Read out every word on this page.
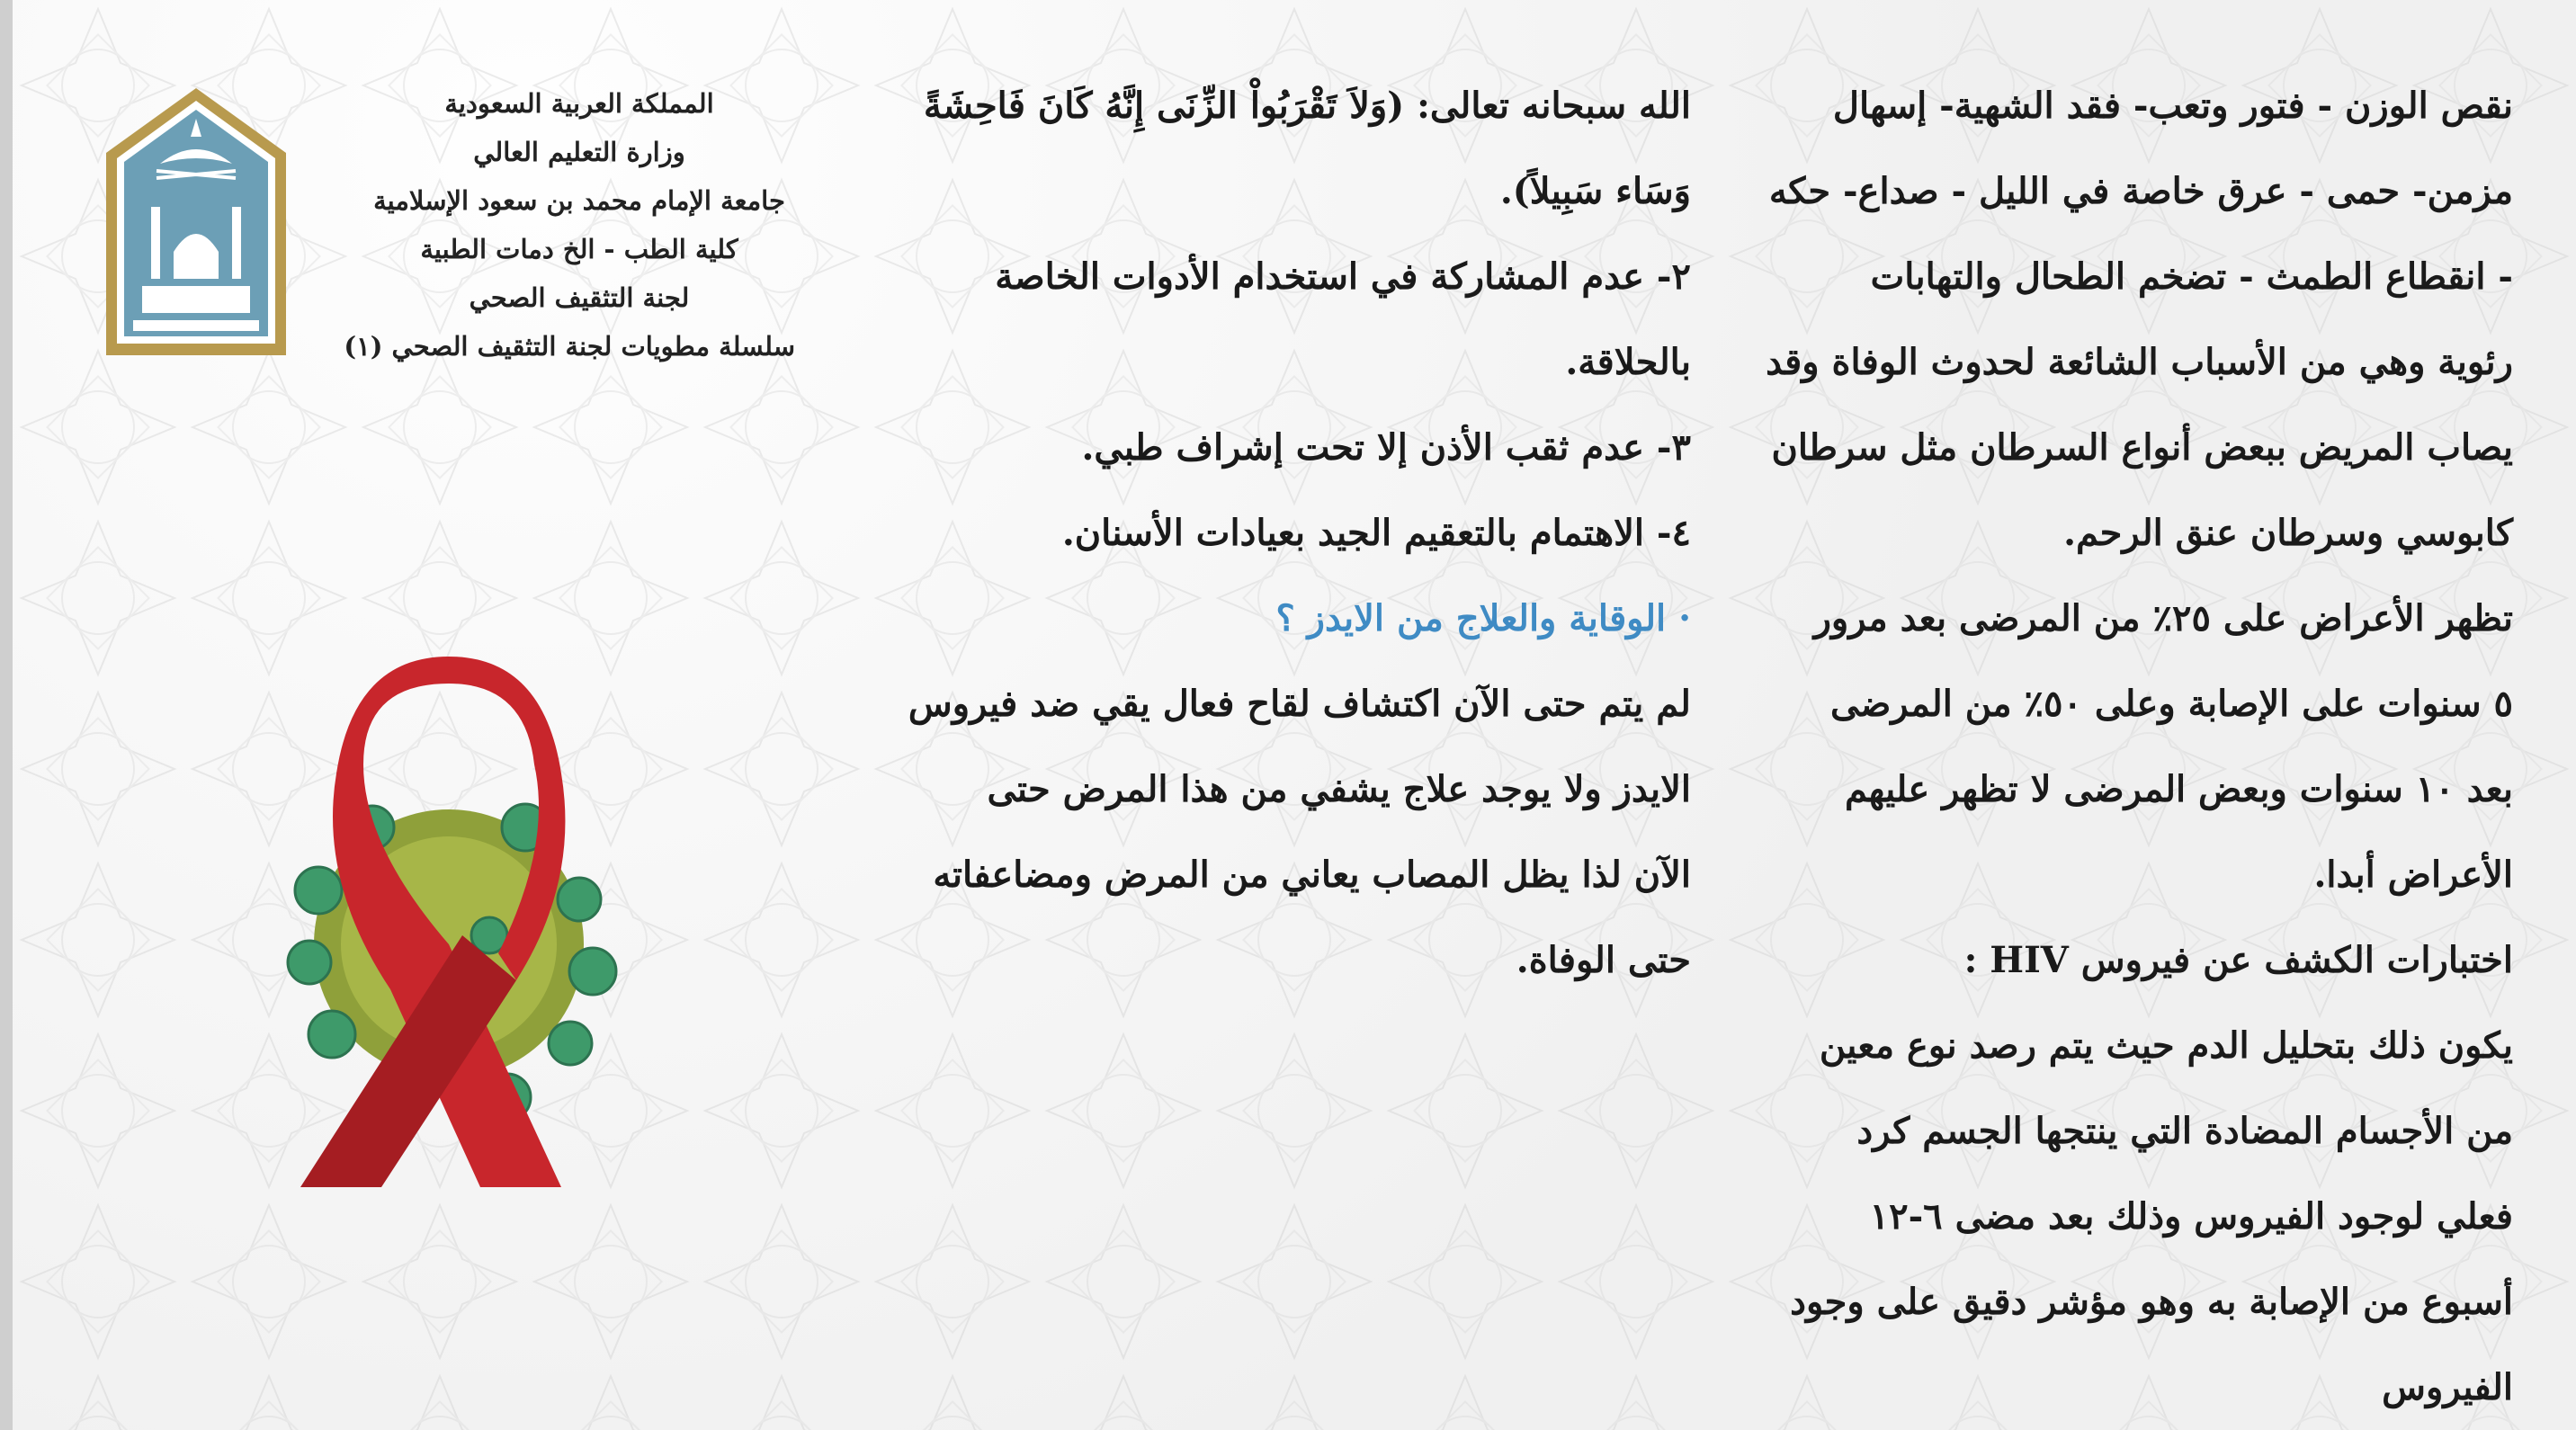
المملكة العربية السعودية

وزارة التعليم العالي

جامعة الإمام محمد بن سعود الإسلامية

كلية الطب - الخ دمات الطبية

لجنة التثقيف الصحي

سلسلة مطويات لجنة التثقيف الصحي (١)

الله سبحانه تعالى: (وَلاَ تَقْرَبُواْ الزِّنَى إِنَّهُ كَانَ فَاحِشَةً

وَسَاء سَبِيلاً).

٢- عدم المشاركة في استخدام الأدوات الخاصة

بالحلاقة.

٣- عدم ثقب الأذن إلا تحت إشراف طبي.

٤- الاهتمام بالتعقيم الجيد بعيادات الأسنان.

· الوقاية والعلاج من الايدز ؟

لم يتم حتى الآن اكتشاف لقاح فعال يقي ضد فيروس

الايدز ولا يوجد علاج يشفي من هذا المرض حتى

الآن لذا يظل المصاب يعاني من المرض ومضاعفاته

حتى الوفاة.

نقص الوزن - فتور وتعب- فقد الشهية- إسهال

مزمن- حمى - عرق خاصة في الليل - صداع- حكه

- انقطاع الطمث - تضخم الطحال والتهابات

رئوية وهي من الأسباب الشائعة لحدوث الوفاة وقد

يصاب المريض ببعض أنواع السرطان مثل سرطان

كابوسي وسرطان عنق الرحم.

تظهر الأعراض على ٢٥٪ من المرضى بعد مرور

٥ سنوات على الإصابة وعلى ٥٠٪ من المرضى

بعد ١٠ سنوات وبعض المرضى لا تظهر عليهم

الأعراض أبدا.

اختبارات الكشف عن فيروس HIV :

يكون ذلك بتحليل الدم حيث يتم رصد نوع معين

من الأجسام المضادة التي ينتجها الجسم كرد

فعلي لوجود الفيروس وذلك بعد مضى ٦-١٢

أسبوع من الإصابة به وهو مؤشر دقيق على وجود

الفيروس
